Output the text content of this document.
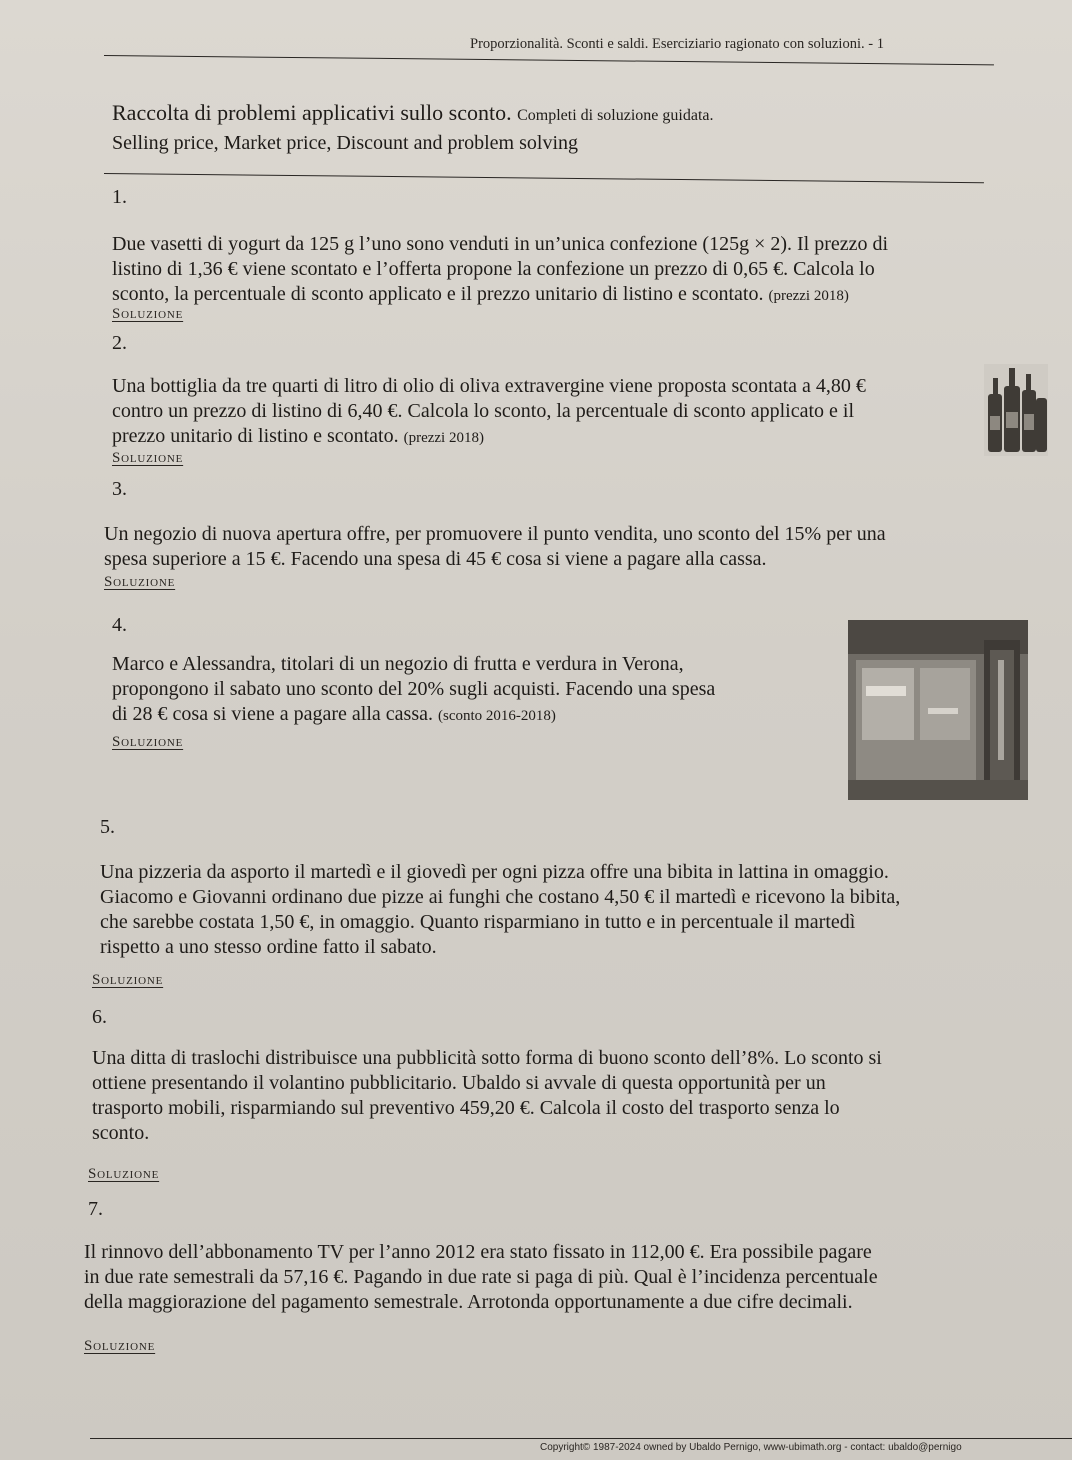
Proporzionalità. Sconti e saldi. Eserciziario ragionato con soluzioni. - 1
Raccolta di problemi applicativi sullo sconto. Completi di soluzione guidata.
Selling price, Market price, Discount and problem solving
1.
Due vasetti di yogurt da 125 g l’uno sono venduti in un’unica confezione (125g × 2). Il prezzo di
listino di 1,36 € viene scontato e l’offerta propone la confezione un prezzo di 0,65 €. Calcola lo
sconto, la percentuale di sconto applicato e il prezzo unitario di listino e scontato. (prezzi 2018)
Soluzione
2.
Una bottiglia da tre quarti di litro di olio di oliva extravergine viene proposta scontata a 4,80 €
contro un prezzo di listino di 6,40 €. Calcola lo sconto, la percentuale di sconto applicato e il
prezzo unitario di listino e scontato. (prezzi 2018)
Soluzione
3.
Un negozio di nuova apertura offre, per promuovere il punto vendita, uno sconto del 15% per una
spesa superiore a 15 €. Facendo una spesa di 45 € cosa si viene a pagare alla cassa.
Soluzione
4.
Marco e Alessandra, titolari di un negozio di frutta e verdura in Verona,
propongono il sabato uno sconto del 20% sugli acquisti. Facendo una spesa
di 28 € cosa si viene a pagare alla cassa. (sconto 2016-2018)
Soluzione
5.
Una pizzeria da asporto il martedì e il giovedì per ogni pizza offre una bibita in lattina in omaggio.
Giacomo e Giovanni ordinano due pizze ai funghi che costano 4,50 € il martedì e ricevono la bibita,
che sarebbe costata 1,50 €, in omaggio. Quanto risparmiano in tutto e in percentuale il martedì
rispetto a uno stesso ordine fatto il sabato.
Soluzione
6.
Una ditta di traslochi distribuisce una pubblicità sotto forma di buono sconto dell’8%. Lo sconto si
ottiene presentando il volantino pubblicitario. Ubaldo si avvale di questa opportunità per un
trasporto mobili, risparmiando sul preventivo 459,20 €. Calcola il costo del trasporto senza lo
sconto.
Soluzione
7.
Il rinnovo dell’abbonamento TV per l’anno 2012 era stato fissato in 112,00 €. Era possibile pagare
in due rate semestrali da 57,16 €. Pagando in due rate si paga di più. Qual è l’incidenza percentuale
della maggiorazione del pagamento semestrale. Arrotonda opportunamente a due cifre decimali.
Soluzione
Copyright© 1987-2024 owned by Ubaldo Pernigo, www-ubimath.org - contact: ubaldo@pernigo
